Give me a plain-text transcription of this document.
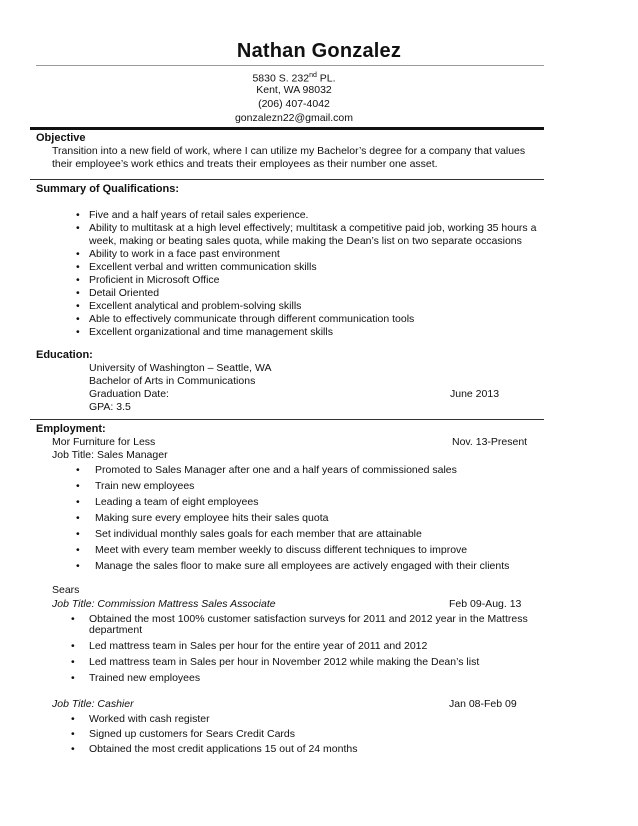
Nathan Gonzalez
5830 S. 232nd PL.
Kent, WA 98032
(206) 407-4042
gonzalezn22@gmail.com
Objective
Transition into a new field of work, where I can utilize my Bachelor’s degree for a company that values
their employee’s work ethics and treats their employees as their number one asset.
Summary of Qualifications:
• Five and a half years of retail sales experience.
• Ability to multitask at a high level effectively; multitask a competitive paid job, working 35 hours a
week, making or beating sales quota, while making the Dean’s list on two separate occasions
• Ability to work in a face past environment
• Excellent verbal and written communication skills
• Proficient in Microsoft Office
• Detail Oriented
• Excellent analytical and problem-solving skills
• Able to effectively communicate through different communication tools
• Excellent organizational and time management skills
Education:
University of Washington – Seattle, WA
Bachelor of Arts in Communications
Graduation Date:	June 2013
GPA: 3.5
Employment:
Mor Furniture for Less	Nov. 13-Present
Job Title: Sales Manager
• Promoted to Sales Manager after one and a half years of commissioned sales
• Train new employees
• Leading a team of eight employees
• Making sure every employee hits their sales quota
• Set individual monthly sales goals for each member that are attainable
• Meet with every team member weekly to discuss different techniques to improve
• Manage the sales floor to make sure all employees are actively engaged with their clients
Sears
Job Title: Commission Mattress Sales Associate	Feb 09-Aug. 13
• Obtained the most 100% customer satisfaction surveys for 2011 and 2012 year in the Mattress
department
• Led mattress team in Sales per hour for the entire year of 2011 and 2012
• Led mattress team in Sales per hour in November 2012 while making the Dean’s list
• Trained new employees
Job Title: Cashier	Jan 08-Feb 09
• Worked with cash register
• Signed up customers for Sears Credit Cards
• Obtained the most credit applications 15 out of 24 months
